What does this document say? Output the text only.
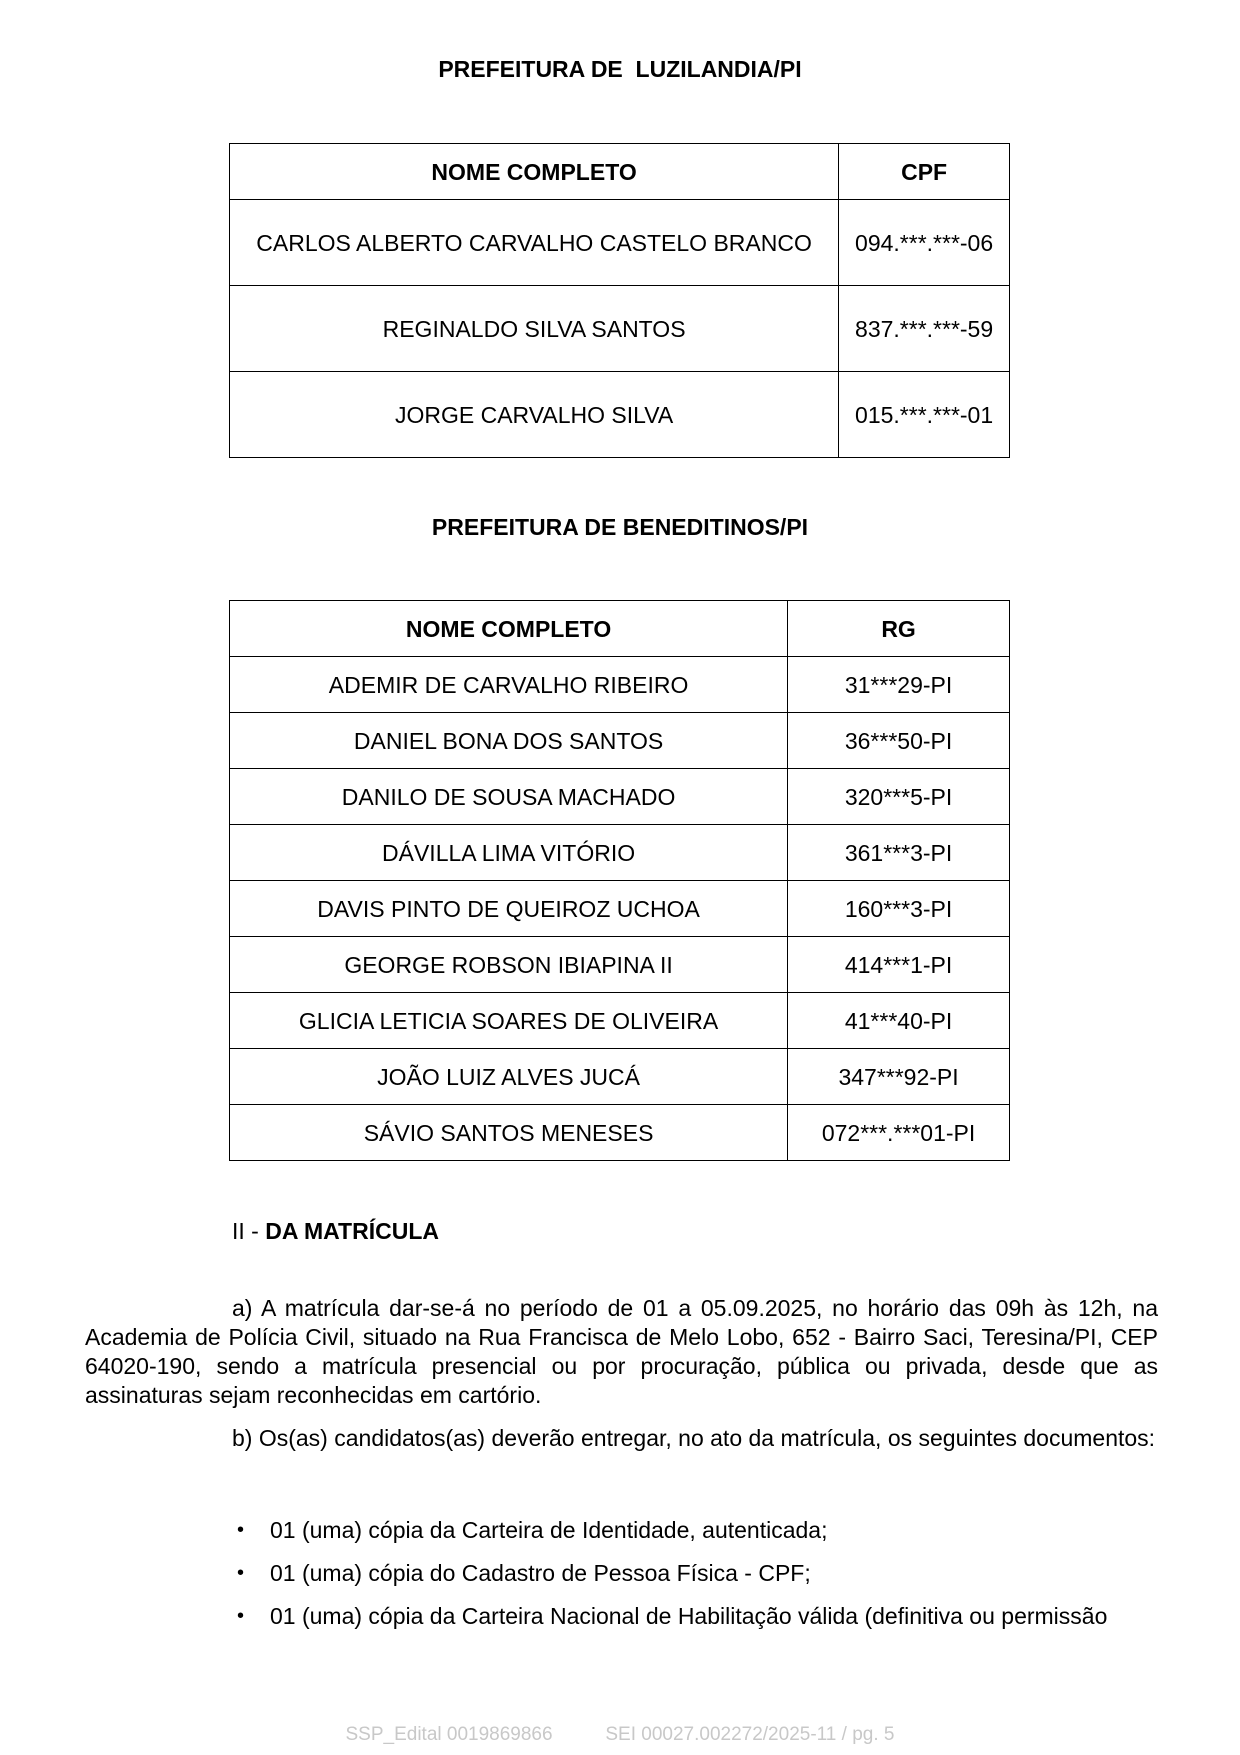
PREFEITURA DE  LUZILANDIA/PI
NOME COMPLETO	CPF
CARLOS ALBERTO CARVALHO CASTELO BRANCO	094.***.***-06
REGINALDO SILVA SANTOS	837.***.***-59
JORGE CARVALHO SILVA	015.***.***-01
PREFEITURA DE BENEDITINOS/PI
NOME COMPLETO	RG
ADEMIR DE CARVALHO RIBEIRO	31***29-PI
DANIEL BONA DOS SANTOS	36***50-PI
DANILO DE SOUSA MACHADO	320***5-PI
DÁVILLA LIMA VITÓRIO	361***3-PI
DAVIS PINTO DE QUEIROZ UCHOA	160***3-PI
GEORGE ROBSON IBIAPINA II	414***1-PI
GLICIA LETICIA SOARES DE OLIVEIRA	41***40-PI
JOÃO LUIZ ALVES JUCÁ	347***92-PI
SÁVIO SANTOS MENESES	072***.***01-PI
II - DA MATRÍCULA

a) A matrícula dar-se-á no período de 01 a 05.09.2025, no horário das 09h às 12h, na Academia de Polícia Civil, situado na Rua Francisca de Melo Lobo, 652 - Bairro Saci, Teresina/PI, CEP 64020-190, sendo a matrícula presencial ou por procuração, pública ou privada, desde que as assinaturas sejam reconhecidas em cartório.

b) Os(as) candidatos(as) deverão entregar, no ato da matrícula, os seguintes documentos:

• 01 (uma) cópia da Carteira de Identidade, autenticada;
• 01 (uma) cópia do Cadastro de Pessoa Física - CPF;
• 01 (uma) cópia da Carteira Nacional de Habilitação válida (definitiva ou permissão
SSP_Edital 0019869866	SEI 00027.002272/2025-11 / pg. 5
